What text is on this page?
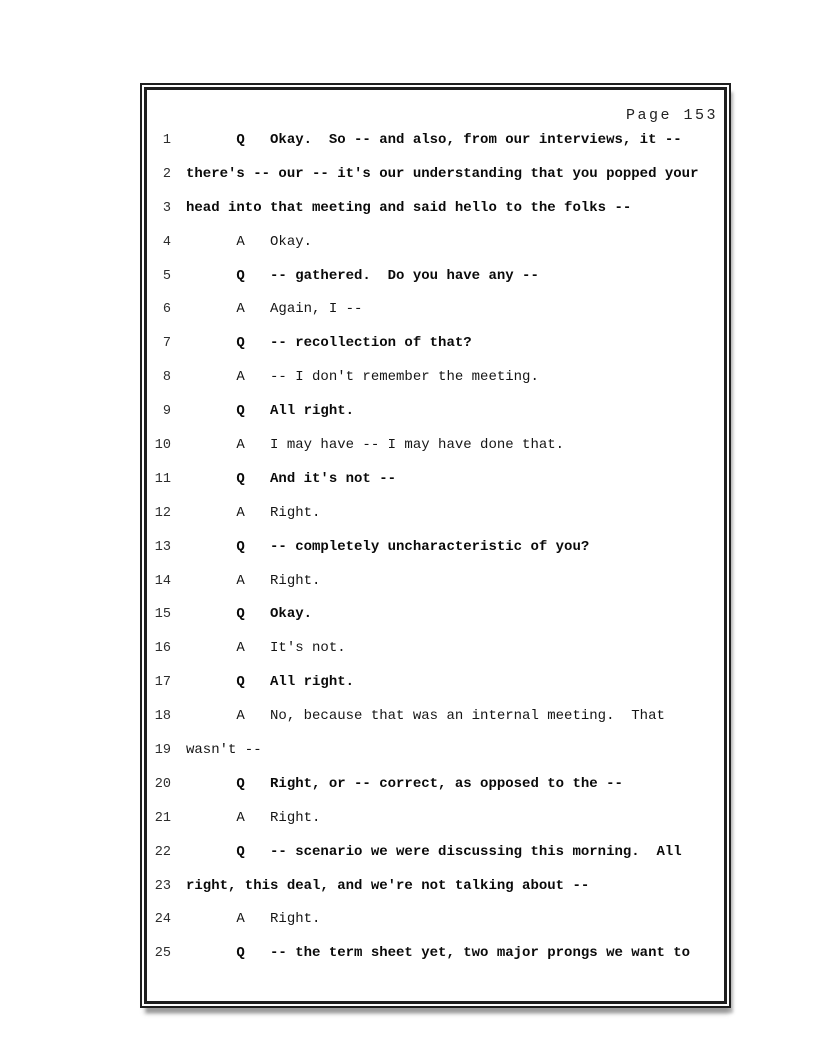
Page 153
1 Q   Okay.  So -- and also, from our interviews, it --
2 there's -- our -- it's our understanding that you popped your
3 head into that meeting and said hello to the folks --
4 A   Okay.
5 Q   -- gathered.  Do you have any --
6 A   Again, I --
7 Q   -- recollection of that?
8 A   -- I don't remember the meeting.
9 Q   All right.
10 A   I may have -- I may have done that.
11 Q   And it's not --
12 A   Right.
13 Q   -- completely uncharacteristic of you?
14 A   Right.
15 Q   Okay.
16 A   It's not.
17 Q   All right.
18 A   No, because that was an internal meeting.  That
19 wasn't --
20 Q   Right, or -- correct, as opposed to the --
21 A   Right.
22 Q   -- scenario we were discussing this morning.  All
23 right, this deal, and we're not talking about --
24 A   Right.
25 Q   -- the term sheet yet, two major prongs we want to
